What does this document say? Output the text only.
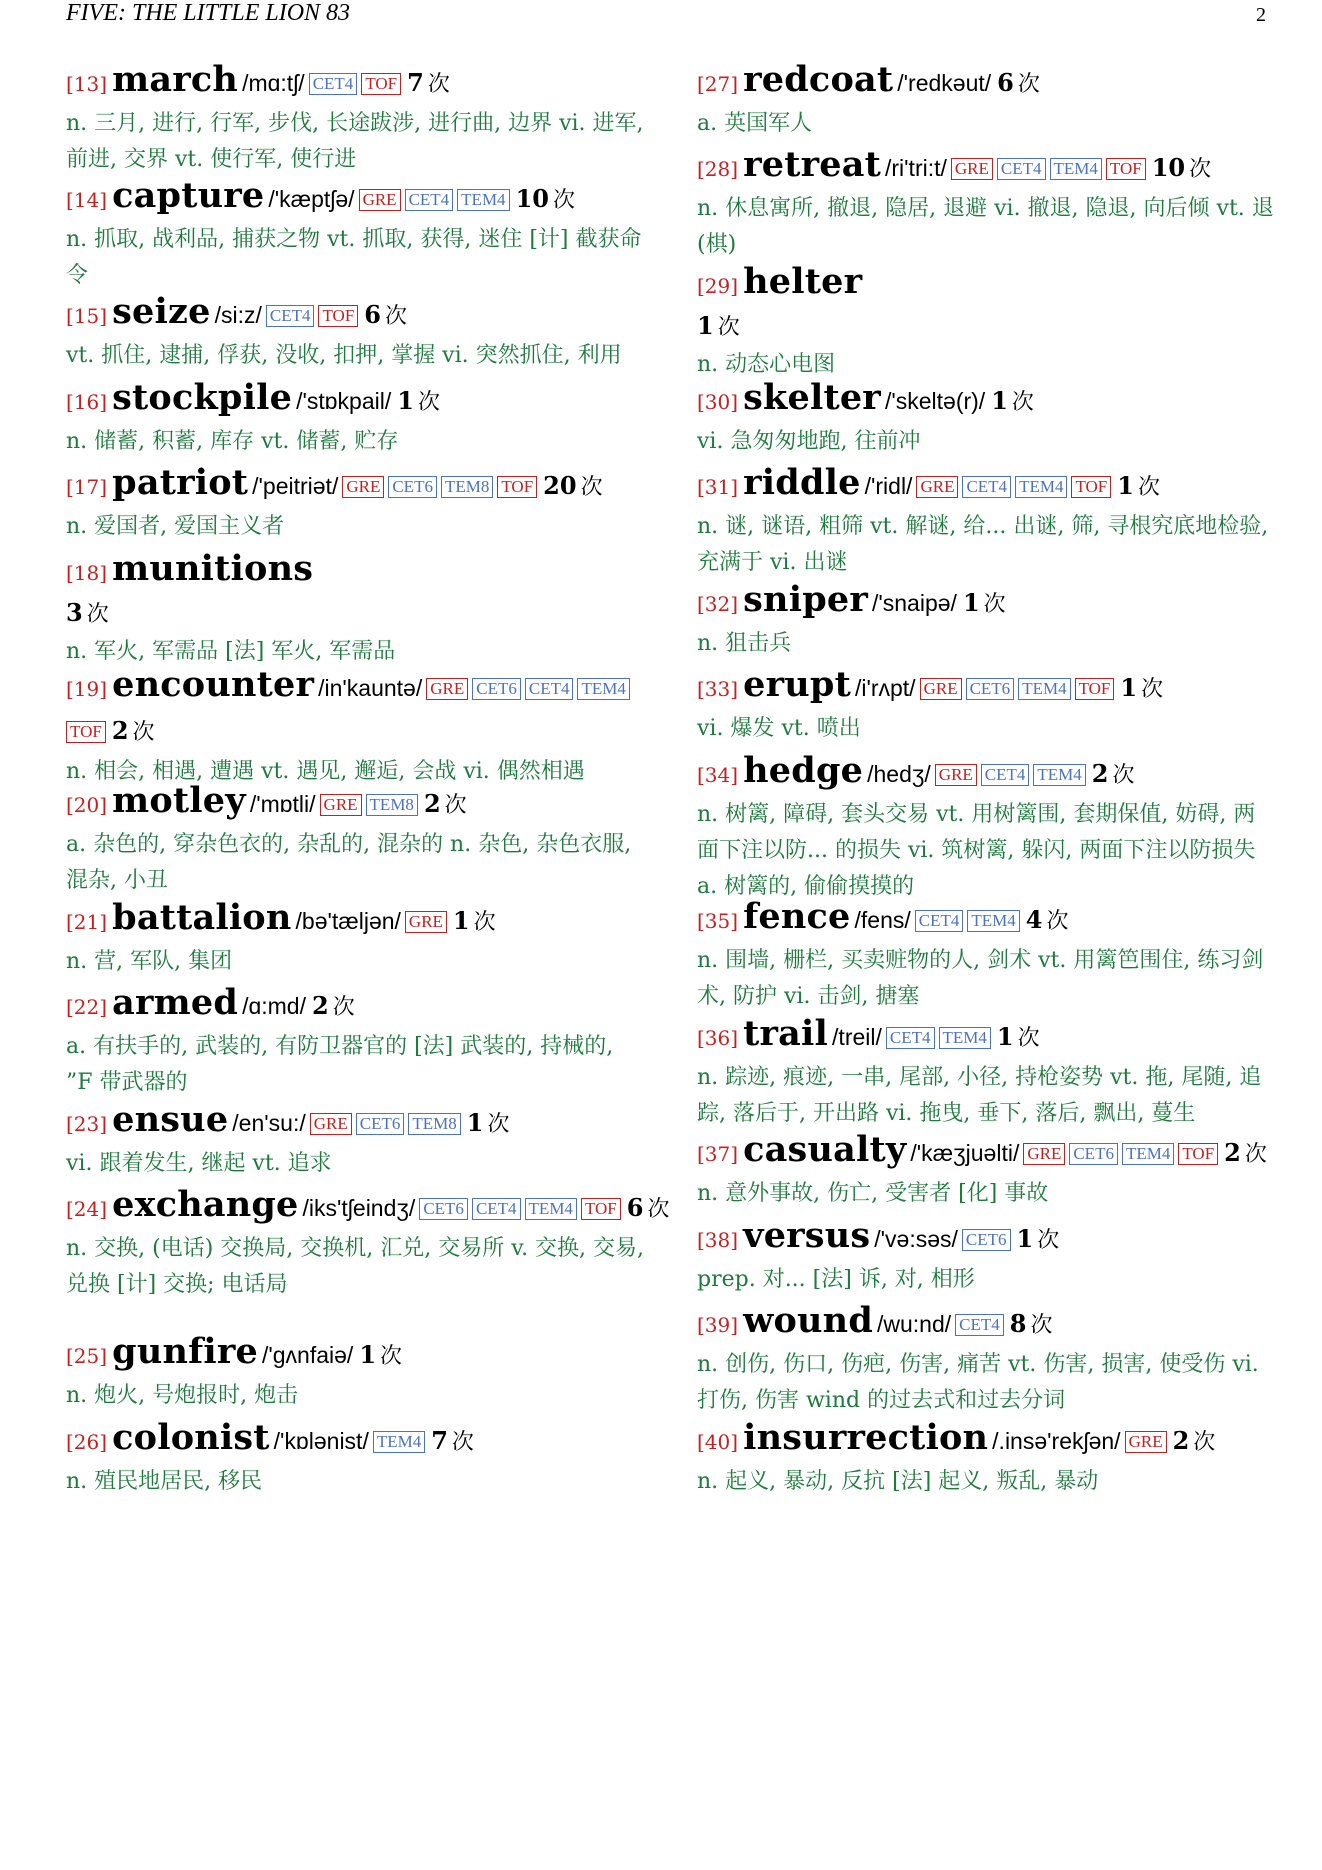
FIVE: THE LITTLE LION 83	2
[13] march /mɑ:tʃ/ CET4 TOF 7 次
n. 三月, 进行, 行军, 步伐, 长途跋涉, 进行曲, 边界 vi. 进军, 前进, 交界 vt. 使行军, 使行进
[14] capture /'kæptʃə/ GRE CET4 TEM4 10 次
n. 抓取, 战利品, 捕获之物 vt. 抓取, 获得, 迷住 [计] 截获命令
[15] seize /si:z/ CET4 TOF 6 次
vt. 抓住, 逮捕, 俘获, 没收, 扣押, 掌握 vi. 突然抓住, 利用
[16] stockpile /'stɒkpail/ 1 次
n. 储蓄, 积蓄, 库存 vt. 储蓄, 贮存
[17] patriot /'peitriət/ GRE CET6 TEM8 TOF 20 次
n. 爱国者, 爱国主义者
[18] munitions
3 次
n. 军火, 军需品 [法] 军火, 军需品
[19] encounter /in'kauntə/ GRE CET6 CET4 TEM4
TOF 2 次
n. 相会, 相遇, 遭遇 vt. 遇见, 邂逅, 会战 vi. 偶然相遇
[20] motley /'mɒtli/ GRE TEM8 2 次
a. 杂色的, 穿杂色衣的, 杂乱的, 混杂的 n. 杂色, 杂色衣服, 混杂, 小丑
[21] battalion /bə'tæljən/ GRE 1 次
n. 营, 军队, 集团
[22] armed /ɑ:md/ 2 次
a. 有扶手的, 武装的, 有防卫器官的 [法] 武装的, 持械的, ”F 带武器的
[23] ensue /en'su:/ GRE CET6 TEM8 1 次
vi. 跟着发生, 继起 vt. 追求
[24] exchange /iks'tʃeindʒ/ CET6 CET4 TEM4 TOF 6 次
n. 交换, (电话) 交换局, 交换机, 汇兑, 交易所 v. 交换, 交易, 兑换 [计] 交换; 电话局
[25] gunfire /'gʌnfaiə/ 1 次
n. 炮火, 号炮报时, 炮击
[26] colonist /'kɒlənist/ TEM4 7 次
n. 殖民地居民, 移民
[27] redcoat /'redkəut/ 6 次
a. 英国军人
[28] retreat /ri'tri:t/ GRE CET4 TEM4 TOF 10 次
n. 休息寓所, 撤退, 隐居, 退避 vi. 撤退, 隐退, 向后倾 vt. 退 (棋)
[29] helter
1 次
n. 动态心电图
[30] skelter /'skeltə(r)/ 1 次
vi. 急匆匆地跑, 往前冲
[31] riddle /'ridl/ GRE CET4 TEM4 TOF 1 次
n. 谜, 谜语, 粗筛 vt. 解谜, 给... 出谜, 筛, 寻根究底地检验, 充满于 vi. 出谜
[32] sniper /'snaipə/ 1 次
n. 狙击兵
[33] erupt /i'rʌpt/ GRE CET6 TEM4 TOF 1 次
vi. 爆发 vt. 喷出
[34] hedge /hedʒ/ GRE CET4 TEM4 2 次
n. 树篱, 障碍, 套头交易 vt. 用树篱围, 套期保值, 妨碍, 两面下注以防... 的损失 vi. 筑树篱, 躲闪, 两面下注以防损失 a. 树篱的, 偷偷摸摸的
[35] fence /fens/ CET4 TEM4 4 次
n. 围墙, 栅栏, 买卖赃物的人, 剑术 vt. 用篱笆围住, 练习剑术, 防护 vi. 击剑, 搪塞
[36] trail /treil/ CET4 TEM4 1 次
n. 踪迹, 痕迹, 一串, 尾部, 小径, 持枪姿势 vt. 拖, 尾随, 追踪, 落后于, 开出路 vi. 拖曳, 垂下, 落后, 飘出, 蔓生
[37] casualty /'kæʒjuəlti/ GRE CET6 TEM4 TOF 2 次
n. 意外事故, 伤亡, 受害者 [化] 事故
[38] versus /'və:səs/ CET6 1 次
prep. 对... [法] 诉, 对, 相形
[39] wound /wu:nd/ CET4 8 次
n. 创伤, 伤口, 伤疤, 伤害, 痛苦 vt. 伤害, 损害, 使受伤 vi. 打伤, 伤害 wind 的过去式和过去分词
[40] insurrection /.insə'rekʃən/ GRE 2 次
n. 起义, 暴动, 反抗 [法] 起义, 叛乱, 暴动
